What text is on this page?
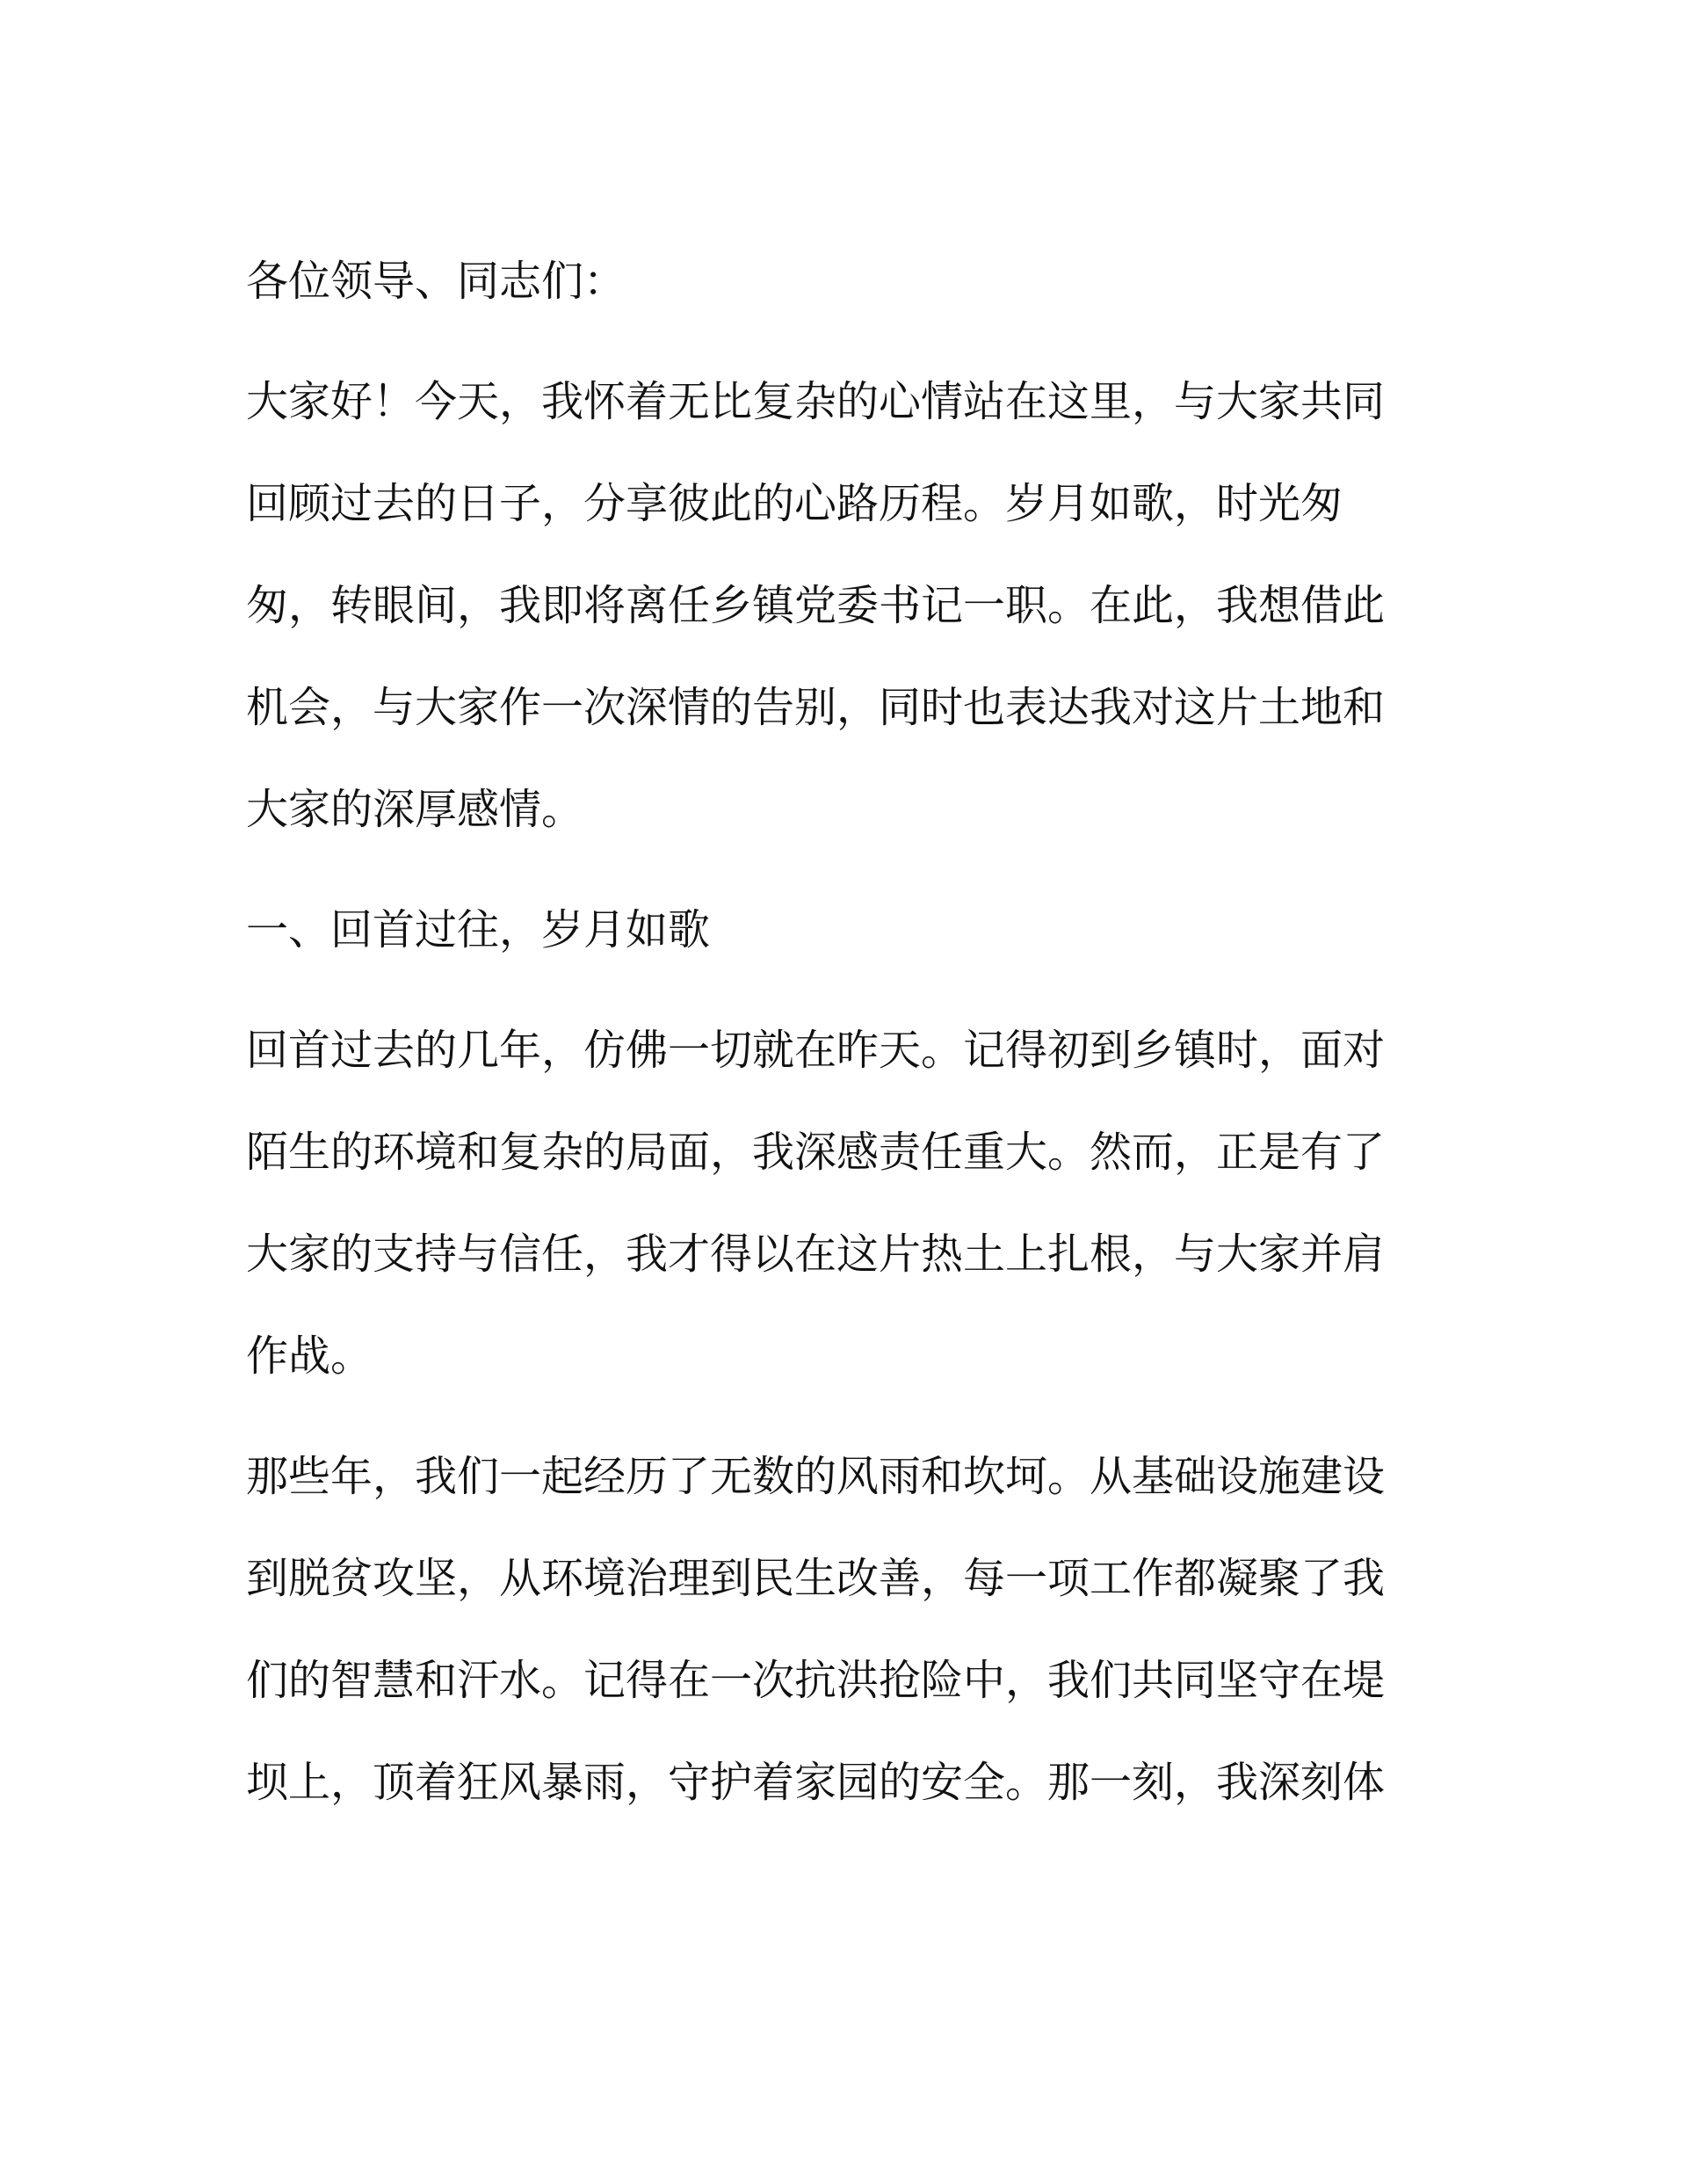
各位领导、同志们：
大家好！今天，我怀着无比复杂的心情站在这里，与大家共同
回顾过去的日子，分享彼此的心路历程。岁月如歌，时光匆
匆，转眼间，我即将离任乡镇党委书记一职。在此，我想借此
机会，与大家作一次深情的告别，同时也表达我对这片土地和
大家的深厚感情。
一、回首过往，岁月如歌
回首过去的几年，仿佛一切就在昨天。记得初到乡镇时，面对
陌生的环境和复杂的局面，我深感责任重大。然而，正是有了
大家的支持与信任，我才得以在这片热土上扎根，与大家并肩
作战。
那些年，我们一起经历了无数的风雨和坎坷。从基础设施建设
到脱贫攻坚，从环境治理到民生改善，每一项工作都凝聚了我
们的智慧和汗水。记得在一次抗洪抢险中，我们共同坚守在堤
坝上，顶着狂风暴雨，守护着家园的安全。那一刻，我深刻体
